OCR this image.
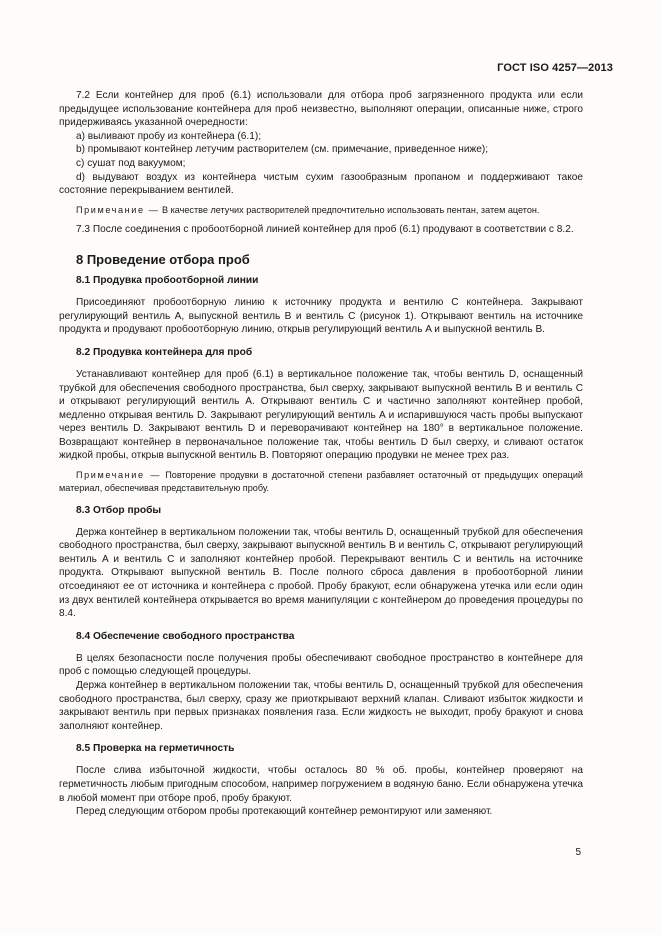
ГОСТ ISO 4257—2013

7.2 Если контейнер для проб (6.1) использовали для отбора проб загрязненного продукта или если предыдущее использование контейнера для проб неизвестно, выполняют операции, описанные ниже, строго придерживаясь указанной очередности:

a) выливают пробу из контейнера (6.1);

b) промывают контейнер летучим растворителем (см. примечание, приведенное ниже);

c) сушат под вакуумом;

d) выдувают воздух из контейнера чистым сухим газообразным пропаном и поддерживают такое состояние перекрыванием вентилей.

Примечание — В качестве летучих растворителей предпочтительно использовать пентан, затем ацетон.

7.3 После соединения с пробоотборной линией контейнер для проб (6.1) продувают в соответствии с 8.2.

8 Проведение отбора проб
8.1 Продувка пробоотборной линии

Присоединяют пробоотборную линию к источнику продукта и вентилю C контейнера. Закрывают регулирующий вентиль A, выпускной вентиль B и вентиль C (рисунок 1). Открывают вентиль на источнике продукта и продувают пробоотборную линию, открыв регулирующий вентиль A и выпускной вентиль B.

8.2 Продувка контейнера для проб

Устанавливают контейнер для проб (6.1) в вертикальное положение так, чтобы вентиль D, оснащенный трубкой для обеспечения свободного пространства, был сверху, закрывают выпускной вентиль B и вентиль C и открывают регулирующий вентиль A. Открывают вентиль C и частично заполняют контейнер пробой, медленно открывая вентиль D. Закрывают регулирующий вентиль A и испарившуюся часть пробы выпускают через вентиль D. Закрывают вентиль D и переворачивают контейнер на 180° в вертикальное положение. Возвращают контейнер в первоначальное положение так, чтобы вентиль D был сверху, и сливают остаток жидкой пробы, открыв выпускной вентиль B. Повторяют операцию продувки не менее трех раз.

Примечание — Повторение продувки в достаточной степени разбавляет остаточный от предыдущих операций материал, обеспечивая представительную пробу.

8.3 Отбор пробы

Держа контейнер в вертикальном положении так, чтобы вентиль D, оснащенный трубкой для обеспечения свободного пространства, был сверху, закрывают выпускной вентиль B и вентиль C, открывают регулирующий вентиль A и вентиль C и заполняют контейнер пробой. Перекрывают вентиль C и вентиль на источнике продукта. Открывают выпускной вентиль B. После полного сброса давления в пробоотборной линии отсоединяют ее от источника и контейнера с пробой. Пробу бракуют, если обнаружена утечка или если один из двух вентилей контейнера открывается во время манипуляции с контейнером до проведения процедуры по 8.4.

8.4 Обеспечение свободного пространства

В целях безопасности после получения пробы обеспечивают свободное пространство в контейнере для проб с помощью следующей процедуры.

Держа контейнер в вертикальном положении так, чтобы вентиль D, оснащенный трубкой для обеспечения свободного пространства, был сверху, сразу же приоткрывают верхний клапан. Сливают избыток жидкости и закрывают вентиль при первых признаках появления газа. Если жидкость не выходит, пробу бракуют и снова заполняют контейнер.

8.5 Проверка на герметичность

После слива избыточной жидкости, чтобы осталось 80 % об. пробы, контейнер проверяют на герметичность любым пригодным способом, например погружением в водяную баню. Если обнаружена утечка в любой момент при отборе проб, пробу бракуют.

Перед следующим отбором пробы протекающий контейнер ремонтируют или заменяют.

5
